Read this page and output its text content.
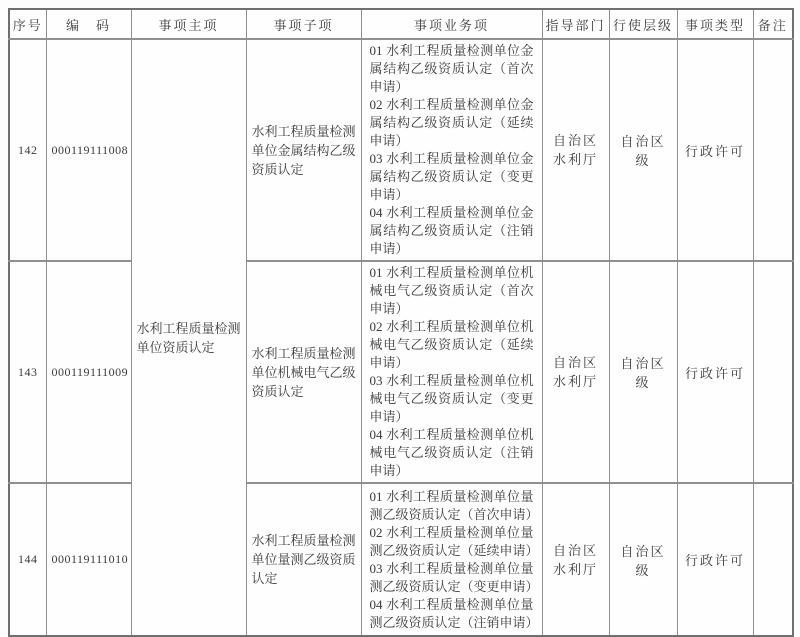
序号	编　码	事项主项	事项子项	事项业务项	指导部门	行使层级	事项类型	备注
142	000119111008	水利工程质量检测单位资质认定	水利工程质量检测单位金属结构乙级资质认定	01 水利工程质量检测单位金属结构乙级资质认定（首次申请）
02 水利工程质量检测单位金属结构乙级资质认定（延续申请）
03 水利工程质量检测单位金属结构乙级资质认定（变更申请）
04 水利工程质量检测单位金属结构乙级资质认定（注销申请）	自治区水利厅	自治区级	行政许可	
143	000119111009		水利工程质量检测单位机械电气乙级资质认定	01 水利工程质量检测单位机械电气乙级资质认定（首次申请）
02 水利工程质量检测单位机械电气乙级资质认定（延续申请）
03 水利工程质量检测单位机械电气乙级资质认定（变更申请）
04 水利工程质量检测单位机械电气乙级资质认定（注销申请）	自治区水利厅	自治区级	行政许可	
144	000119111010		水利工程质量检测单位量测乙级资质认定	01 水利工程质量检测单位量测乙级资质认定（首次申请）
02 水利工程质量检测单位量测乙级资质认定（延续申请）
03 水利工程质量检测单位量测乙级资质认定（变更申请）
04 水利工程质量检测单位量测乙级资质认定（注销申请）	自治区水利厅	自治区级	行政许可	
